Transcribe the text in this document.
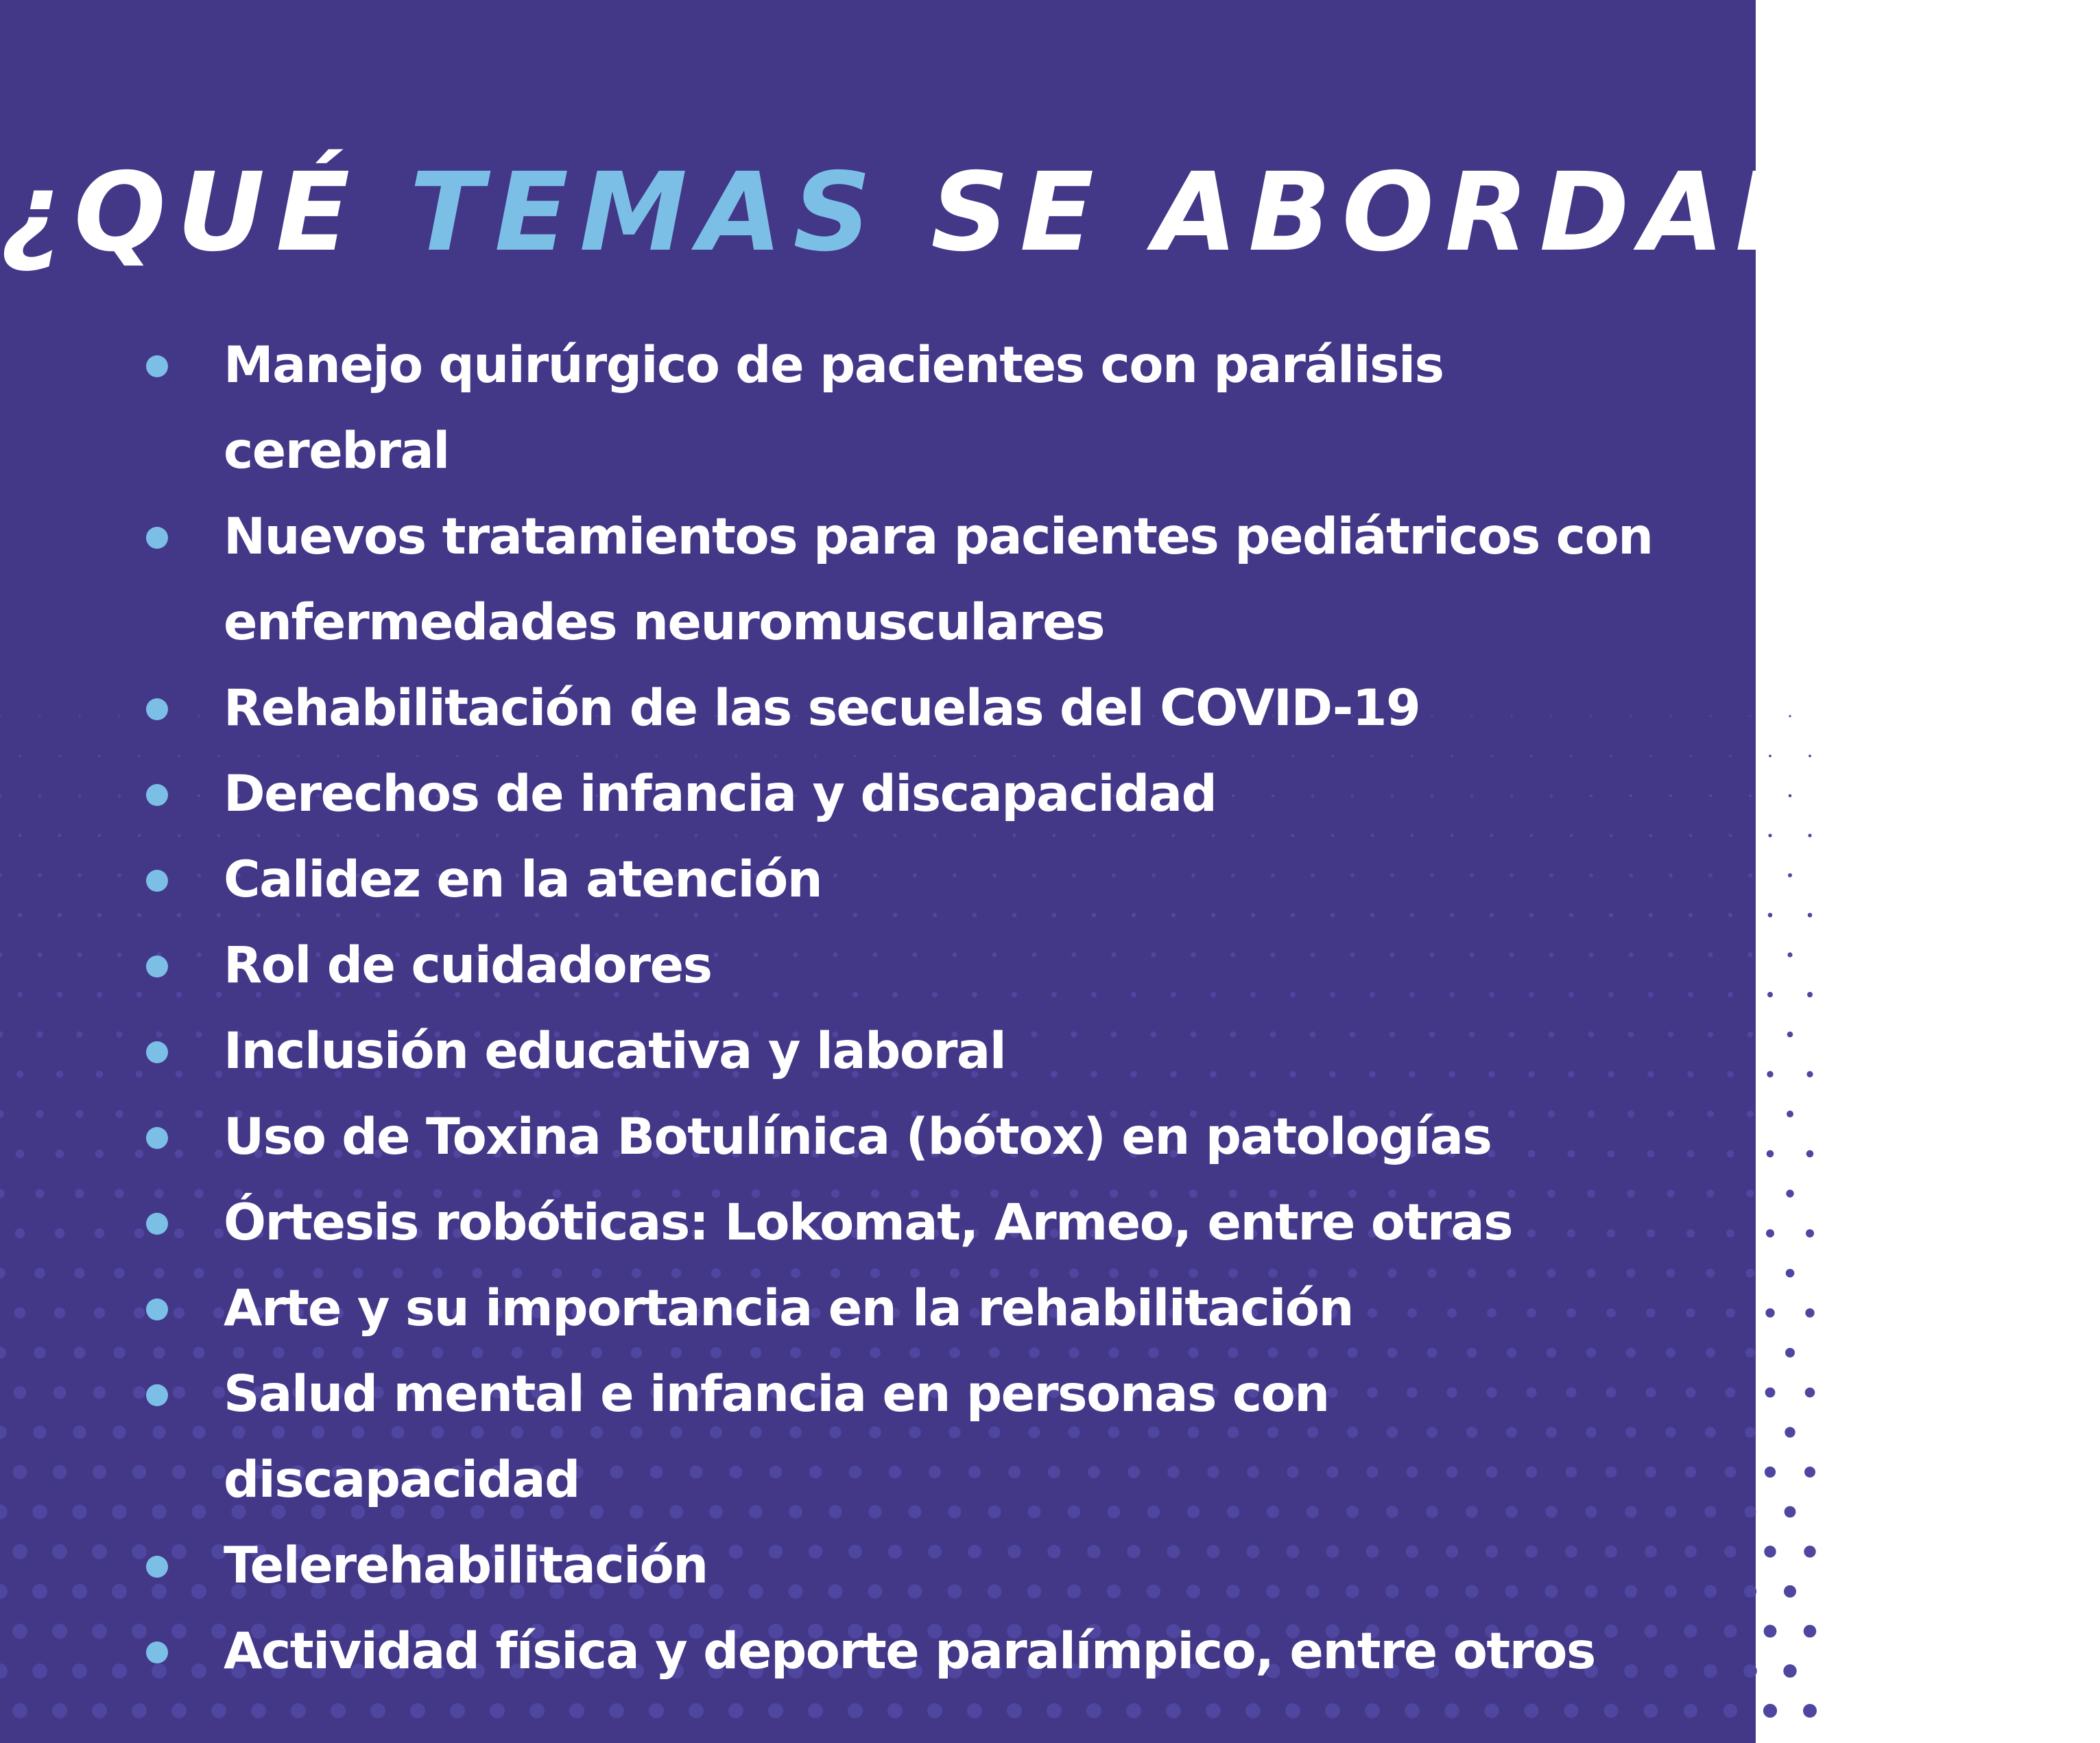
¿QUÉ TEMAS SE ABORDARÁN?
Manejo quirúrgico de pacientes con parálisis cerebral
Nuevos tratamientos para pacientes pediátricos con enfermedades neuromusculares
Rehabilitación de las secuelas del COVID-19
Derechos de infancia y discapacidad
Calidez en la atención
Rol de cuidadores
Inclusión educativa y laboral
Uso de Toxina Botulínica (bótox) en patologías
Órtesis robóticas: Lokomat, Armeo, entre otras
Arte y su importancia en la rehabilitación
Salud mental e infancia en personas con discapacidad
Telerehabilitación
Actividad física y deporte paralímpico, entre otros
